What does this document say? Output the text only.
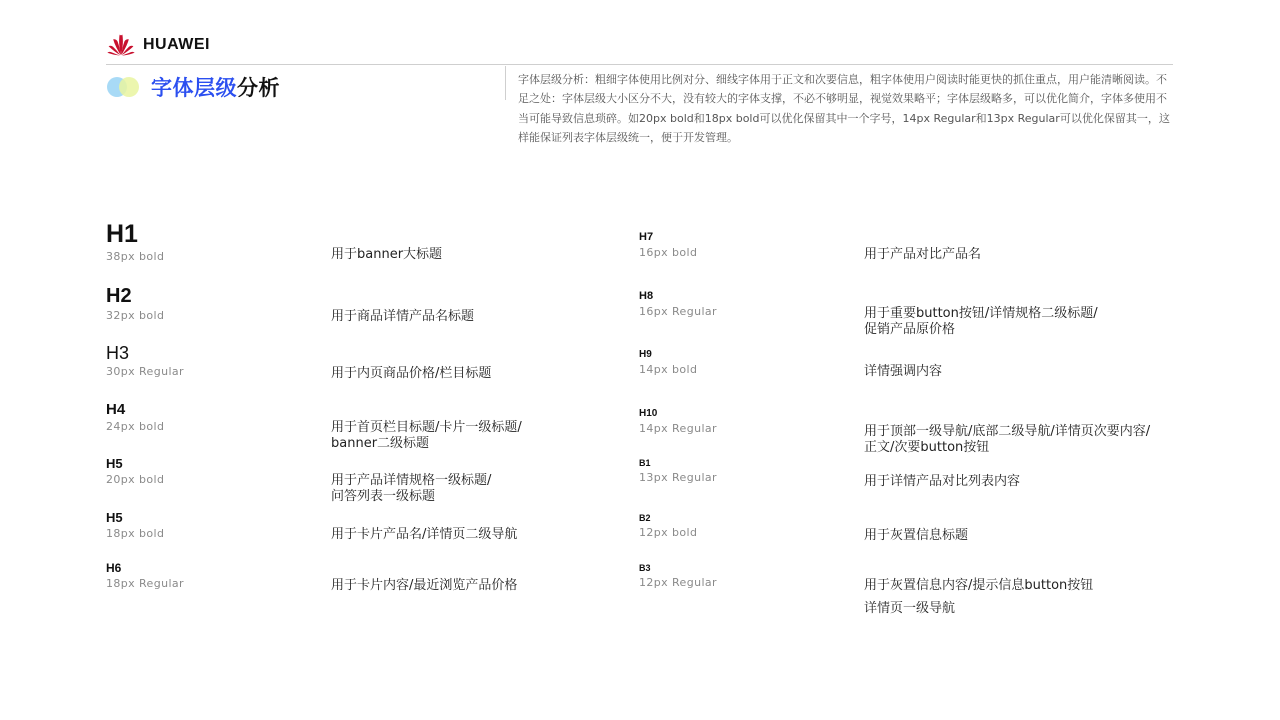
HUAWEI
字体层级分析	字体层级分析：粗细字体使用比例对分、细线字体用于正文和次要信息，粗字体使用户阅读时能更快的抓住重点，用户能清晰阅读。不足之处：字体层级大小区分不大，没有较大的字体支撑，不必不够明显，视觉效果略平；字体层级略多，可以优化简介，字体多使用不当可能导致信息琐碎。如20px bold和18px bold可以优化保留其中一个字号，14px Regular和13px Regular可以优化保留其一，这样能保证列表字体层级统一，便于开发管理。
H1
38px bold	用于banner大标题
H2
32px bold	用于商品详情产品名标题
H3
30px Regular	用于内页商品价格/栏目标题
H4
24px bold	用于首页栏目标题/卡片一级标题/
banner二级标题
H5
20px bold	用于产品详情规格一级标题/
问答列表一级标题
H5
18px bold	用于卡片产品名/详情页二级导航
H6
18px Regular	用于卡片内容/最近浏览产品价格
H7
16px bold	用于产品对比产品名
H8
16px Regular	用于重要button按钮/详情规格二级标题/
促销产品原价格
H9
14px bold	详情强调内容
H10
14px Regular	用于顶部一级导航/底部二级导航/详情页次要内容/
正文/次要button按钮
B1
13px Regular	用于详情产品对比列表内容
B2
12px bold	用于灰置信息标题
B3
12px Regular	用于灰置信息内容/提示信息button按钮
详情页一级导航
